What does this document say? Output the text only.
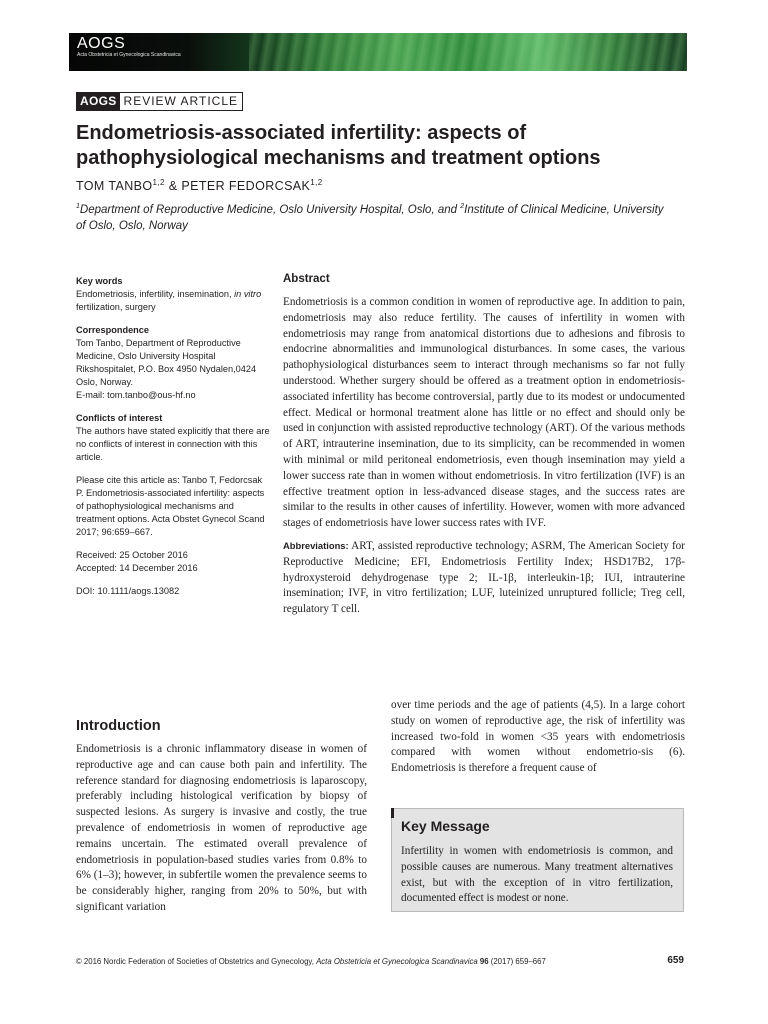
AOGS
Acta Obstetricia et Gynecologica Scandinavica
AOGS REVIEW ARTICLE
Endometriosis-associated infertility: aspects of pathophysiological mechanisms and treatment options
TOM TANBO$^{1,2}$ & PETER FEDORCSAK$^{1,2}$
$^1$Department of Reproductive Medicine, Oslo University Hospital, Oslo, and $^2$Institute of Clinical Medicine, University of Oslo, Oslo, Norway

Key words

Endometriosis, infertility, insemination, in vitro fertilization, surgery

Correspondence

Tom Tanbo, Department of Reproductive

Medicine, Oslo University Hospital

Rikshospitalet, P.O. Box 4950 Nydalen,0424

Oslo, Norway.

E-mail: tom.tanbo@ous-hf.no

Conflicts of interest

The authors have stated explicitly that there are no conflicts of interest in connection with this article.

Please cite this article as: Tanbo T, Fedorcsak P. Endometriosis-associated infertility: aspects of pathophysiological mechanisms and treatment options. Acta Obstet Gynecol Scand 2017; 96:659–667.

Received: 25 October 2016

Accepted: 14 December 2016

DOI: 10.1111/aogs.13082

Abstract

Endometriosis is a common condition in women of reproductive age. In addition to pain, endometriosis may also reduce fertility. The causes of infertility in women with endometriosis may range from anatomical distortions due to adhesions and fibrosis to endocrine abnormalities and immunological disturbances. In some cases, the various pathophysiological disturbances seem to interact through mechanisms so far not fully understood. Whether surgery should be offered as a treatment option in endometriosis-associated infertility has become controversial, partly due to its modest or undocumented effect. Medical or hormonal treatment alone has little or no effect and should only be used in conjunction with assisted reproductive technology (ART). Of the various methods of ART, intrauterine insemination, due to its simplicity, can be recommended in women with minimal or mild peritoneal endometriosis, even though insemination may yield a lower success rate than in women without endometriosis. In vitro fertilization (IVF) is an effective treatment option in less-advanced disease stages, and the success rates are similar to the results in other causes of infertility. However, women with more advanced stages of endometriosis have lower success rates with IVF.

Abbreviations: ART, assisted reproductive technology; ASRM, The American Society for Reproductive Medicine; EFI, Endometriosis Fertility Index; HSD17B2, 17β-hydroxysteroid dehydrogenase type 2; IL-1β, interleukin-1β; IUI, intrauterine insemination; IVF, in vitro fertilization; LUF, luteinized unruptured follicle; Treg cell, regulatory T cell.

Introduction

Endometriosis is a chronic inflammatory disease in women of reproductive age and can cause both pain and infertility. The reference standard for diagnosing endometriosis is laparoscopy, preferably including histological verification by biopsy of suspected lesions. As surgery is invasive and costly, the true prevalence of endometriosis in women of reproductive age remains uncertain. The estimated overall prevalence of endometriosis in population-based studies varies from 0.8% to 6% (1–3); however, in subfertile women the prevalence seems to be considerably higher, ranging from 20% to 50%, but with significant variation

over time periods and the age of patients (4,5). In a large cohort study on women of reproductive age, the risk of infertility was increased two-fold in women <35 years with endometriosis compared with women without endometrio-sis (6). Endometriosis is therefore a frequent cause of

Key Message

Infertility in women with endometriosis is common, and possible causes are numerous. Many treatment alternatives exist, but with the exception of in vitro fertilization, documented effect is modest or none.

© 2016 Nordic Federation of Societies of Obstetrics and Gynecology, Acta Obstetricia et Gynecologica Scandinavica 96 (2017) 659–667	659
